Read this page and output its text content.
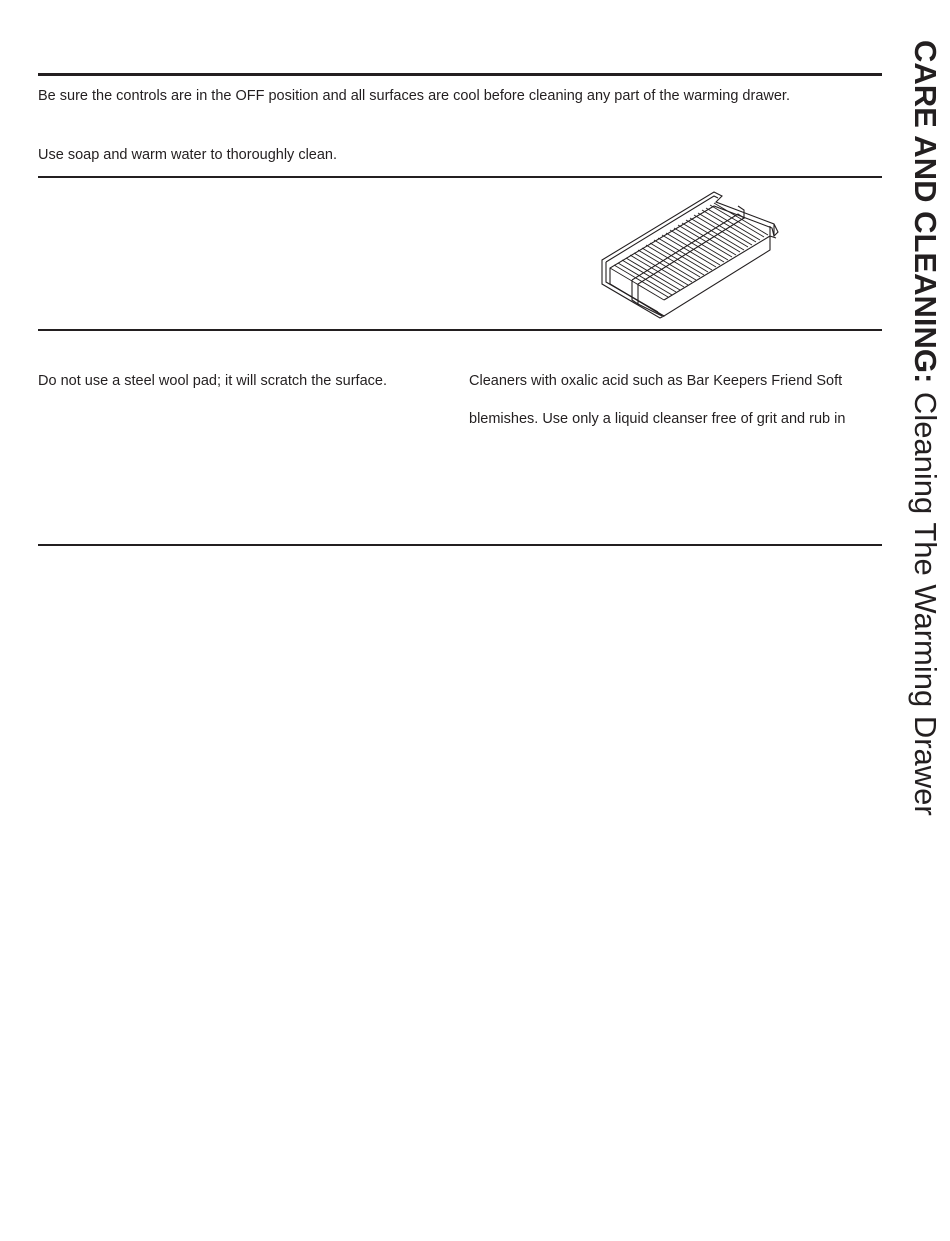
Be sure the controls are in the OFF position and all surfaces are cool before cleaning any part of the warming drawer.
Use soap and warm water to thoroughly clean.
Do not use a steel wool pad; it will scratch the surface.	Cleaners with oxalic acid such as Bar Keepers Friend Soft
blemishes. Use only a liquid cleanser free of grit and rub in
CARE AND CLEANING: Cleaning The Warming Drawer
